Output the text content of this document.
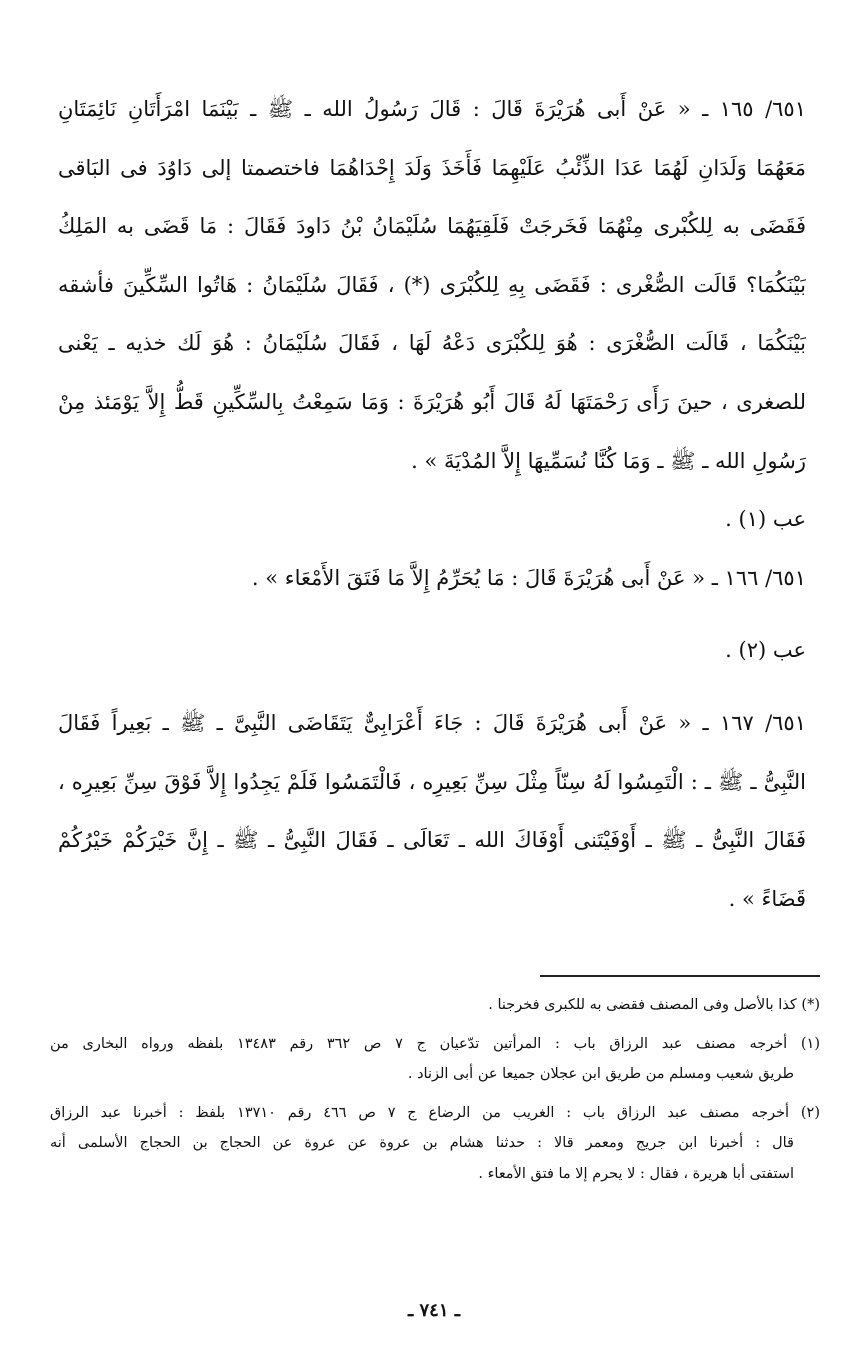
٦٥١/ ١٦٥ ـ « عَنْ أَبى هُرَيْرَةَ قَالَ : قَالَ رَسُولُ الله ـ ﷺ ـ بَيْنَمَا امْرَأَتَانِ نَائِمَتَانِ
مَعَهُمَا وَلَدَانِ لَهُمَا عَدَا الذِّئْبُ عَلَيْهِمَا فَأَخَذَ وَلَدَ إِحْدَاهُمَا فاختصمتا إلى دَاوُدَ فى البَاقى
فَقَضَى به لِلكُبْرى مِنْهُمَا فَخَرجَتْ فَلَقِيَهُمَا سُلَيْمَانُ بْنُ دَاودَ فَقَالَ : مَا قَضَى به المَلِكُ
بَيْنَكُمَا؟ قَالَت الصُّغْرى : فَقَضَى بِهِ لِلكُبْرَى (*) ، فَقَالَ سُلَيْمَانُ : هَاتُوا السِّكِّينَ فأشقه
بَيْنَكُمَا ، قَالَت الصُّغْرَى : هُوَ لِلكُبْرَى دَعْهُ لَهَا ، فَقَالَ سُلَيْمَانُ : هُوَ لَك خذيه ـ يَعْنى
للصغرى ، حينَ رَأَى رَحْمَتَهَا لَهُ قَالَ أَبُو هُرَيْرَةَ : وَمَا سَمِعْتُ بِالسِّكِّينِ قَطُّ إِلاَّ يَوْمَئذ مِنْ
رَسُولِ الله ـ ﷺ ـ وَمَا كُنَّا نُسَمِّيهَا إِلاَّ المُدْيَةَ » .
عب (١) .
٦٥١/ ١٦٦ ـ « عَنْ أَبى هُرَيْرَةَ قَالَ : مَا يُحَرِّمُ إِلاَّ مَا فَتَقَ الأَمْعَاء » .
عب (٢) .
٦٥١/ ١٦٧ ـ « عَنْ أَبى هُرَيْرَةَ قَالَ : جَاءَ أَعْرَابِىٌّ يَتَقَاضَى النَّبِىَّ ـ ﷺ ـ بَعِيراً فَقَالَ
النَّبِىُّ ـ ﷺ ـ : الْتَمِسُوا لَهُ سِنّاً مِثْلَ سِنِّ بَعِيرِه ، فَالْتَمَسُوا فَلَمْ يَجِدُوا إِلاَّ فَوْقَ سِنِّ بَعِيرِه ،
فَقَالَ النَّبِىُّ ـ ﷺ ـ أَوْفَيْتَنى أَوْفَاكَ الله ـ تَعَالَى ـ فَقَالَ النَّبِىُّ ـ ﷺ ـ إِنَّ خَيْرَكُمْ خَيْرُكُمْ
قَضَاءً » .
(*) كذا بالأصل وفى المصنف فقضى به للكبرى فخرجنا .
(١) أخرجه مصنف عبد الرزاق باب : المرأتين تدّعيان ج ٧ ص ٣٦٢ رقم ١٣٤٨٣ بلفظه ورواه البخارى من
طريق شعيب ومسلم من طريق ابن عجلان جميعا عن أبى الزناد .
(٢) أخرجه مصنف عبد الرزاق باب : الغريب من الرضاع ج ٧ ص ٤٦٦ رقم ١٣٧١٠ بلفظ : أخبرنا عبد الرزاق
قال : أخبرنا ابن جريج ومعمر قالا : حدثنا هشام بن عروة عن عروة عن الحجاج بن الحجاج الأسلمى أنه
استفتى أبا هريرة ، فقال : لا يحرم إلا ما فتق الأمعاء .
ـ ٧٤١ ـ
